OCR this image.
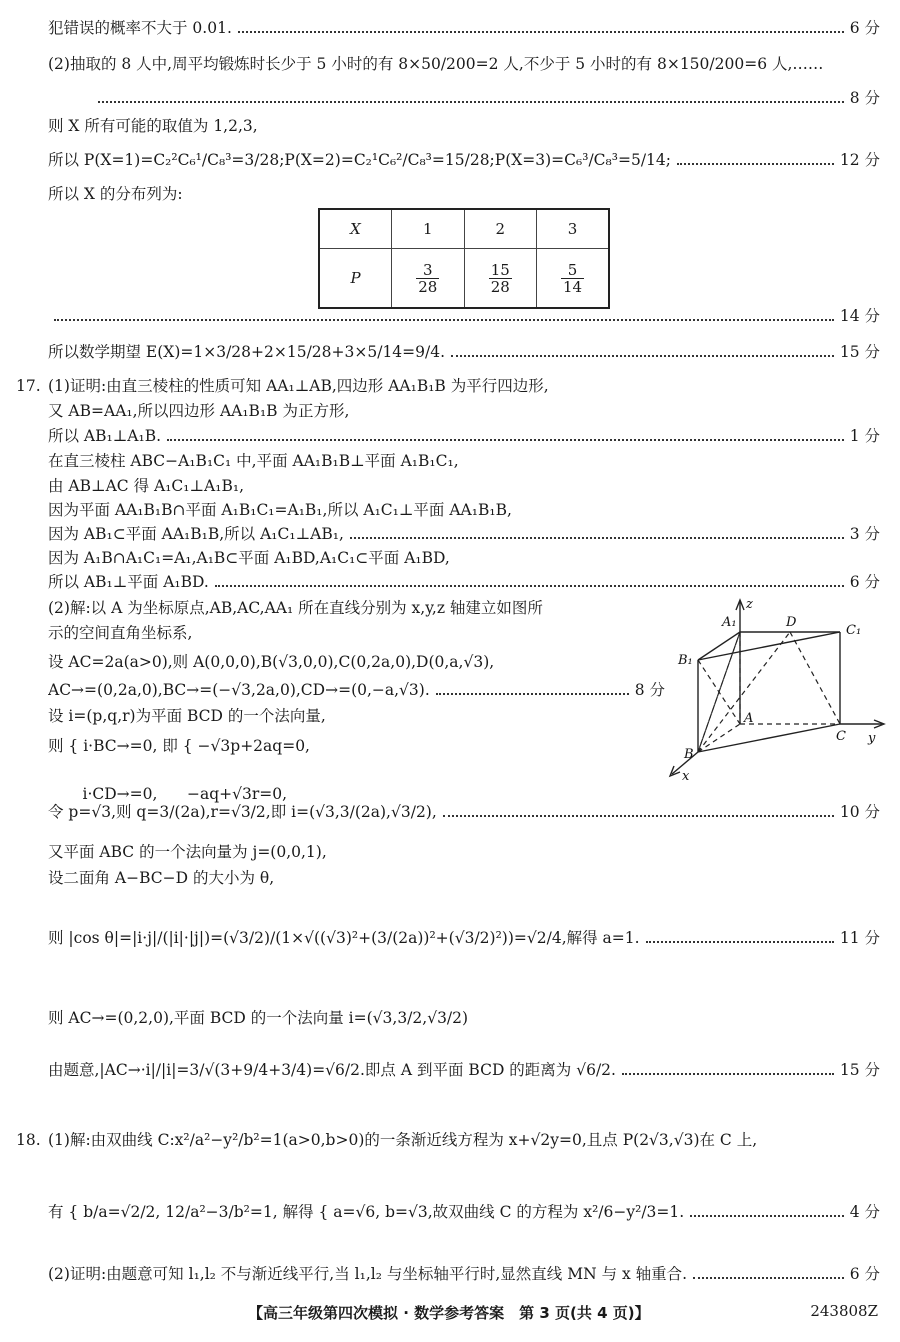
犯错误的概率不大于 0.01.	6 分
(2)抽取的 8 人中,周平均锻炼时长少于 5 小时的有 8×50/200=2 人,不少于 5 小时的有 8×150/200=6 人,……
8 分
则 X 所有可能的取值为 1,2,3,
所以 P(X=1)=C₂²C₆¹/C₈³=3/28;P(X=2)=C₂¹C₆²/C₈³=15/28;P(X=3)=C₆³/C₈³=5/14;	12 分
所以 X 的分布列为:
X	1	2	3
P	$\frac{3}{28}$	$\frac{15}{28}$	$\frac{5}{14}$
14 分
所以数学期望 E(X)=1×3/28+2×15/28+3×5/14=9/4.	15 分
17. (1)证明:由直三棱柱的性质可知 AA₁⊥AB,四边形 AA₁B₁B 为平行四边形,
又 AB=AA₁,所以四边形 AA₁B₁B 为正方形,
所以 AB₁⊥A₁B.	1 分
在直三棱柱 ABC−A₁B₁C₁ 中,平面 AA₁B₁B⊥平面 A₁B₁C₁,
由 AB⊥AC 得 A₁C₁⊥A₁B₁,
因为平面 AA₁B₁B∩平面 A₁B₁C₁=A₁B₁,所以 A₁C₁⊥平面 AA₁B₁B,
因为 AB₁⊂平面 AA₁B₁B,所以 A₁C₁⊥AB₁,	3 分
因为 A₁B∩A₁C₁=A₁,A₁B⊂平面 A₁BD,A₁C₁⊂平面 A₁BD,
所以 AB₁⊥平面 A₁BD.	6 分
(2)解:以 A 为坐标原点,AB,AC,AA₁ 所在直线分别为 x,y,z 轴建立如图所
示的空间直角坐标系,
设 AC=2a(a>0),则 A(0,0,0),B(√3,0,0),C(0,2a,0),D(0,a,√3),
AC→=(0,2a,0),BC→=(−√3,2a,0),CD→=(0,−a,√3).	8 分
设 i=(p,q,r)为平面 BCD 的一个法向量,
则 { i·BC→=0, 即 { −√3p+2aq=0,

i·CD→=0,      −aq+√3r=0,

A₁	D
C₁
B₁
A
B
C
z
y
x
令 p=√3,则 q=3/(2a),r=√3/2,即 i=(√3,3/(2a),√3/2),	10 分
又平面 ABC 的一个法向量为 j=(0,0,1),
设二面角 A−BC−D 的大小为 θ,
则 |cos θ|=|i·j|/(|i|·|j|)=(√3/2)/(1×√((√3)²+(3/(2a))²+(√3/2)²))=√2/4,解得 a=1.	11 分
则 AC→=(0,2,0),平面 BCD 的一个法向量 i=(√3,3/2,√3/2)
由题意,|AC→·i|/|i|=3/√(3+9/4+3/4)=√6/2.即点 A 到平面 BCD 的距离为 √6/2.	15 分
18. (1)解:由双曲线 C:x²/a²−y²/b²=1(a>0,b>0)的一条渐近线方程为 x+√2y=0,且点 P(2√3,√3)在 C 上,
有 { b/a=√2/2, 12/a²−3/b²=1, 解得 { a=√6, b=√3,故双曲线 C 的方程为 x²/6−y²/3=1.	4 分
(2)证明:由题意可知 l₁,l₂ 不与渐近线平行,当 l₁,l₂ 与坐标轴平行时,显然直线 MN 与 x 轴重合.	6 分
【高三年级第四次模拟 · 数学参考答案　第 3 页(共 4 页)】	243808Z
